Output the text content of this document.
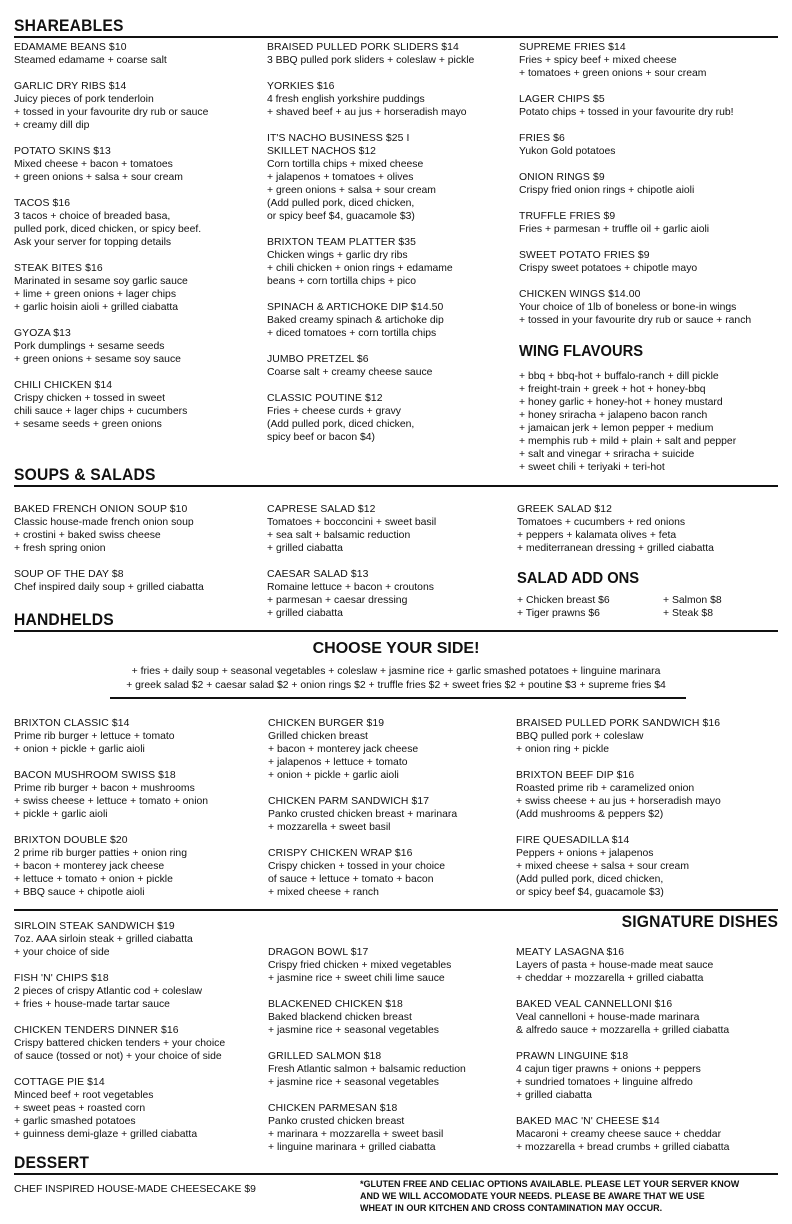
SHAREABLES
EDAMAME BEANS $10
Steamed edamame + coarse salt
GARLIC DRY RIBS $14
Juicy pieces of pork tenderloin
+ tossed in your favourite dry rub or sauce
+ creamy dill dip
POTATO SKINS $13
Mixed cheese + bacon + tomatoes
+ green onions + salsa + sour cream
TACOS $16
3 tacos + choice of breaded basa,
pulled pork, diced chicken, or spicy beef.
Ask your server for topping details
STEAK BITES $16
Marinated in sesame soy garlic sauce
+ lime + green onions + lager chips
+ garlic hoisin aioli + grilled ciabatta
GYOZA $13
Pork dumplings + sesame seeds
+ green onions + sesame soy sauce
CHILI CHICKEN $14
Crispy chicken + tossed in sweet
chili sauce + lager chips + cucumbers
+ sesame seeds + green onions
BRAISED PULLED PORK SLIDERS $14
3 BBQ pulled pork sliders + coleslaw + pickle
YORKIES $16
4 fresh english yorkshire puddings
+ shaved beef + au jus + horseradish mayo
IT'S NACHO BUSINESS $25 I
SKILLET NACHOS $12
Corn tortilla chips + mixed cheese
+ jalapenos + tomatoes + olives
+ green onions + salsa + sour cream
(Add pulled pork, diced chicken,
or spicy beef $4, guacamole $3)
BRIXTON TEAM PLATTER $35
Chicken wings + garlic dry ribs
+ chili chicken + onion rings + edamame
beans + corn tortilla chips + pico
SPINACH & ARTICHOKE DIP $14.50
Baked creamy spinach & artichoke dip
+ diced tomatoes + corn tortilla chips
JUMBO PRETZEL $6
Coarse salt + creamy cheese sauce
CLASSIC POUTINE $12
Fries + cheese curds + gravy
(Add pulled pork, diced chicken,
spicy beef or bacon $4)
SUPREME FRIES $14
Fries + spicy beef + mixed cheese
+ tomatoes + green onions + sour cream
LAGER CHIPS $5
Potato chips + tossed in your favourite dry rub!
FRIES $6
Yukon Gold potatoes
ONION RINGS $9
Crispy fried onion rings + chipotle aioli
TRUFFLE FRIES $9
Fries + parmesan + truffle oil + garlic aioli
SWEET POTATO FRIES $9
Crispy sweet potatoes + chipotle mayo
CHICKEN WINGS $14.00
Your choice of 1lb of boneless or bone-in wings
+ tossed in your favourite dry rub or sauce + ranch
WING FLAVOURS
+ bbq + bbq-hot + buffalo-ranch + dill pickle
+ freight-train + greek + hot + honey-bbq
+ honey garlic + honey-hot + honey mustard
+ honey sriracha + jalapeno bacon ranch
+ jamaican jerk + lemon pepper + medium
+ memphis rub + mild + plain + salt and pepper
+ salt and vinegar + sriracha + suicide
+ sweet chili + teriyaki + teri-hot
SOUPS & SALADS
BAKED FRENCH ONION SOUP $10
Classic house-made french onion soup
+ crostini + baked swiss cheese
+ fresh spring onion
SOUP OF THE DAY $8
Chef inspired daily soup + grilled ciabatta
CAPRESE SALAD $12
Tomatoes + bocconcini + sweet basil
+ sea salt + balsamic reduction
+ grilled ciabatta
CAESAR SALAD $13
Romaine lettuce + bacon + croutons
+ parmesan + caesar dressing
+ grilled ciabatta
GREEK SALAD $12
Tomatoes + cucumbers + red onions
+ peppers + kalamata olives + feta
+ mediterranean dressing + grilled ciabatta
SALAD ADD ONS
+ Chicken breast $6	+ Salmon $8
+ Tiger prawns $6	+ Steak $8
HANDHELDS
CHOOSE YOUR SIDE!
+ fries + daily soup + seasonal vegetables + coleslaw + jasmine rice + garlic smashed potatoes + linguine marinara
+ greek salad $2 + caesar salad $2 + onion rings $2 + truffle fries $2 + sweet fries $2 + poutine $3 + supreme fries $4
BRIXTON CLASSIC $14
Prime rib burger + lettuce + tomato
+ onion + pickle + garlic aioli
BACON MUSHROOM SWISS $18
Prime rib burger + bacon + mushrooms
+ swiss cheese + lettuce + tomato + onion
+ pickle + garlic aioli
BRIXTON DOUBLE $20
2 prime rib burger patties + onion ring
+ bacon + monterey jack cheese
+ lettuce + tomato + onion + pickle
+ BBQ sauce + chipotle aioli
CHICKEN BURGER $19
Grilled chicken breast
+ bacon + monterey jack cheese
+ jalapenos + lettuce + tomato
+ onion + pickle + garlic aioli
CHICKEN PARM SANDWICH $17
Panko crusted chicken breast + marinara
+ mozzarella + sweet basil
CRISPY CHICKEN WRAP $16
Crispy chicken + tossed in your choice
of sauce + lettuce + tomato + bacon
+ mixed cheese + ranch
BRAISED PULLED PORK SANDWICH $16
BBQ pulled pork + coleslaw
+ onion ring + pickle
BRIXTON BEEF DIP $16
Roasted prime rib + caramelized onion
+ swiss cheese + au jus + horseradish mayo
(Add mushrooms & peppers $2)
FIRE QUESADILLA $14
Peppers + onions + jalapenos
+ mixed cheese + salsa + sour cream
(Add pulled pork, diced chicken,
or spicy beef $4, guacamole $3)
SIGNATURE DISHES
SIRLOIN STEAK SANDWICH $19
7oz. AAA sirloin steak + grilled ciabatta
+ your choice of side
FISH 'N' CHIPS $18
2 pieces of crispy Atlantic cod + coleslaw
+ fries + house-made tartar sauce
CHICKEN TENDERS DINNER $16
Crispy battered chicken tenders + your choice
of sauce (tossed or not) + your choice of side
COTTAGE PIE $14
Minced beef + root vegetables
+ sweet peas + roasted corn
+ garlic smashed potatoes
+ guinness demi-glaze + grilled ciabatta
DRAGON BOWL $17
Crispy fried chicken + mixed vegetables
+ jasmine rice + sweet chili lime sauce
BLACKENED CHICKEN $18
Baked blackend chicken breast
+ jasmine rice + seasonal vegetables
GRILLED SALMON $18
Fresh Atlantic salmon + balsamic reduction
+ jasmine rice + seasonal vegetables
CHICKEN PARMESAN $18
Panko crusted chicken breast
+ marinara + mozzarella + sweet basil
+ linguine marinara + grilled ciabatta
MEATY LASAGNA $16
Layers of pasta + house-made meat sauce
+ cheddar + mozzarella + grilled ciabatta
BAKED VEAL CANNELLONI $16
Veal cannelloni + house-made marinara
& alfredo sauce + mozzarella + grilled ciabatta
PRAWN LINGUINE $18
4 cajun tiger prawns + onions + peppers
+ sundried tomatoes + linguine alfredo
+ grilled ciabatta
BAKED MAC 'N' CHEESE $14
Macaroni + creamy cheese sauce + cheddar
+ mozzarella + bread crumbs + grilled ciabatta
DESSERT
CHEF INSPIRED HOUSE-MADE CHEESECAKE $9	*GLUTEN FREE AND CELIAC OPTIONS AVAILABLE. PLEASE LET YOUR SERVER KNOW
AND WE WILL ACCOMODATE YOUR NEEDS. PLEASE BE AWARE THAT WE USE
WHEAT IN OUR KITCHEN AND CROSS CONTAMINATION MAY OCCUR.
